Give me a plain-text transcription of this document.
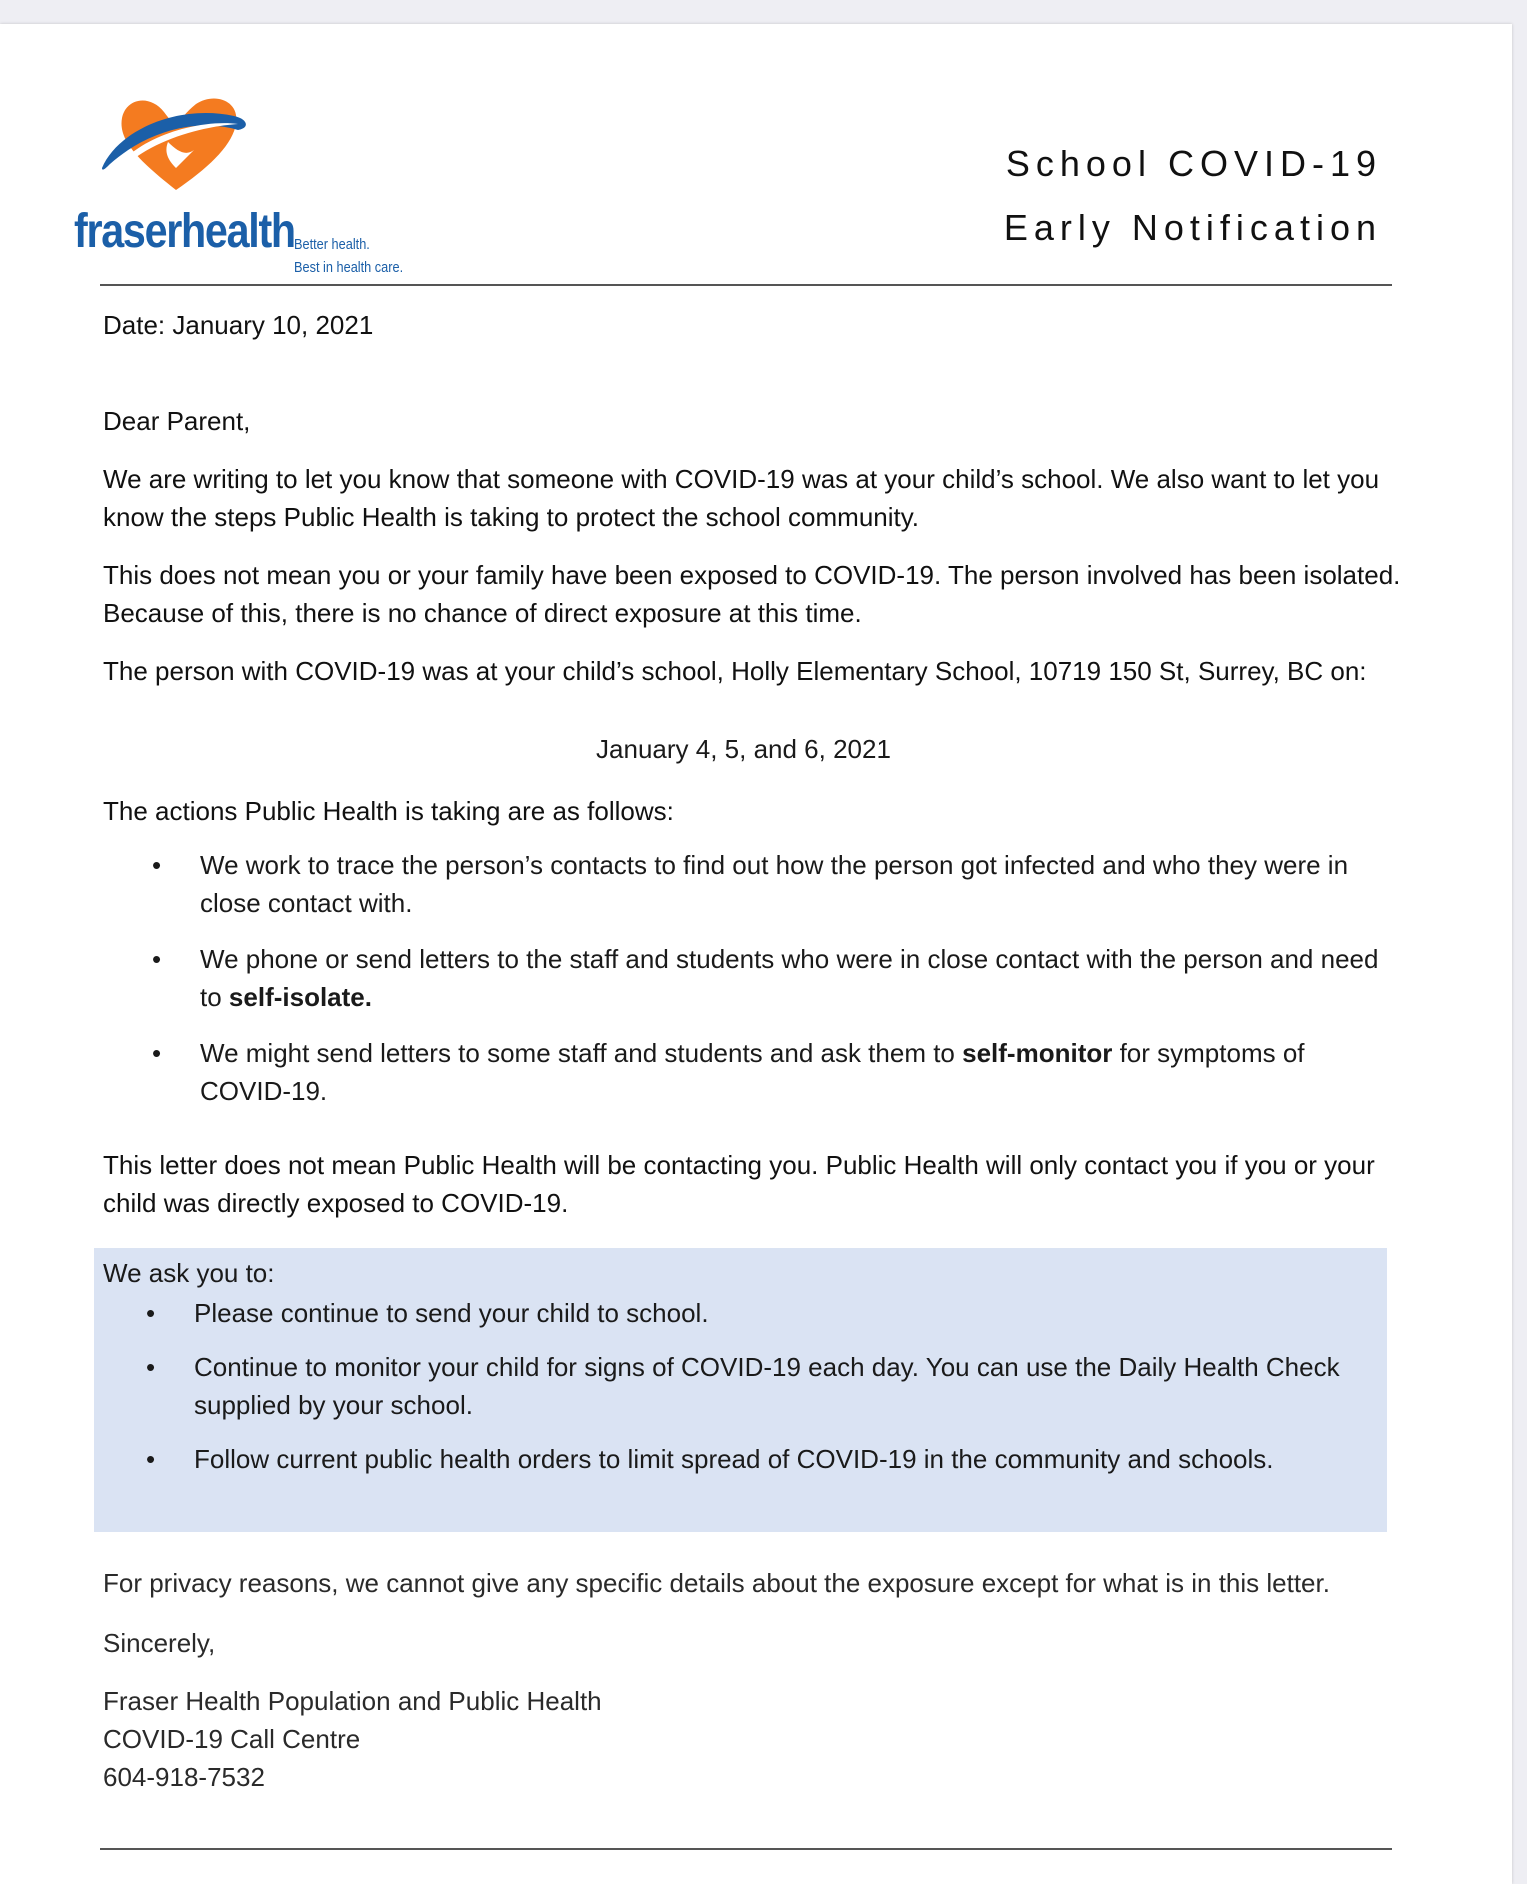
fraserhealth Better health.
Best in health care.
School COVID-19
Early Notification
Date: January 10, 2021
Dear Parent,
We are writing to let you know that someone with COVID-19 was at your child’s school. We also want to let you know the steps Public Health is taking to protect the school community.
This does not mean you or your family have been exposed to COVID-19. The person involved has been isolated. Because of this, there is no chance of direct exposure at this time.
The person with COVID-19 was at your child’s school, Holly Elementary School, 10719 150 St, Surrey, BC on:
January 4, 5, and 6, 2021
The actions Public Health is taking are as follows:
• We work to trace the person’s contacts to find out how the person got infected and who they were in close contact with.
• We phone or send letters to the staff and students who were in close contact with the person and need to self-isolate.
• We might send letters to some staff and students and ask them to self-monitor for symptoms of COVID-19.
This letter does not mean Public Health will be contacting you. Public Health will only contact you if you or your child was directly exposed to COVID-19.
We ask you to:
• Please continue to send your child to school.
• Continue to monitor your child for signs of COVID-19 each day. You can use the Daily Health Check supplied by your school.
• Follow current public health orders to limit spread of COVID-19 in the community and schools.
For privacy reasons, we cannot give any specific details about the exposure except for what is in this letter.
Sincerely,
Fraser Health Population and Public Health
COVID-19 Call Centre
604-918-7532
